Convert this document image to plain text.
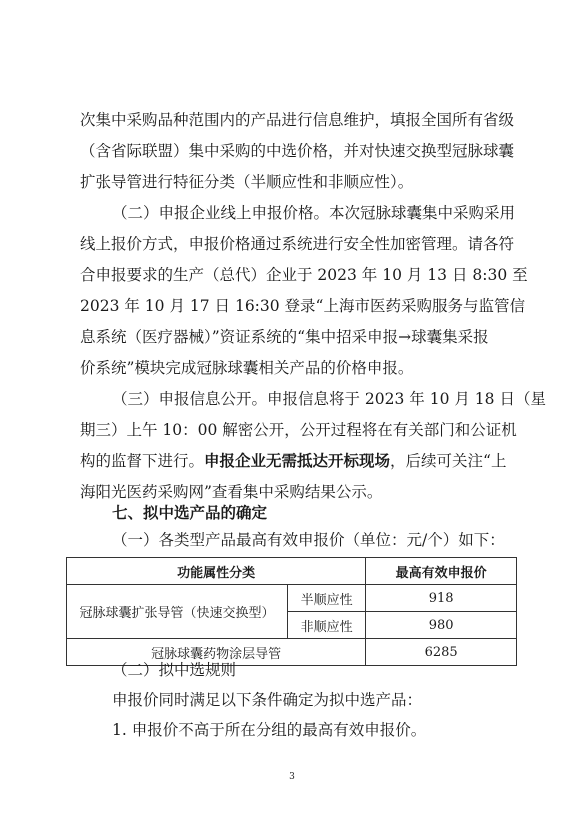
次集中采购品种范围内的产品进行信息维护，填报全国所有省级
（含省际联盟）集中采购的中选价格，并对快速交换型冠脉球囊
扩张导管进行特征分类（半顺应性和非顺应性）。
（二）申报企业线上申报价格。本次冠脉球囊集中采购采用
线上报价方式，申报价格通过系统进行安全性加密管理。请各符
合申报要求的生产（总代）企业于 2023 年 10 月 13 日 8:30 至
2023 年 10 月 17 日 16:30 登录“上海市医药采购服务与监管信
息系统（医疗器械）”资证系统的“集中招采申报→球囊集采报
价系统”模块完成冠脉球囊相关产品的价格申报。
（三）申报信息公开。申报信息将于 2023 年 10 月 18 日（星
期三）上午 10：00 解密公开，公开过程将在有关部门和公证机
构的监督下进行。申报企业无需抵达开标现场，后续可关注“上
海阳光医药采购网”查看集中采购结果公示。
七、拟中选产品的确定
（一）各类型产品最高有效申报价（单位：元/个）如下：
功能属性分类		最高有效申报价
冠脉球囊扩张导管（快速交换型）	半顺应性	918
	非顺应性	980
冠脉球囊药物涂层导管		6285
（二）拟中选规则
申报价同时满足以下条件确定为拟中选产品：
1. 申报价不高于所在分组的最高有效申报价。
3
